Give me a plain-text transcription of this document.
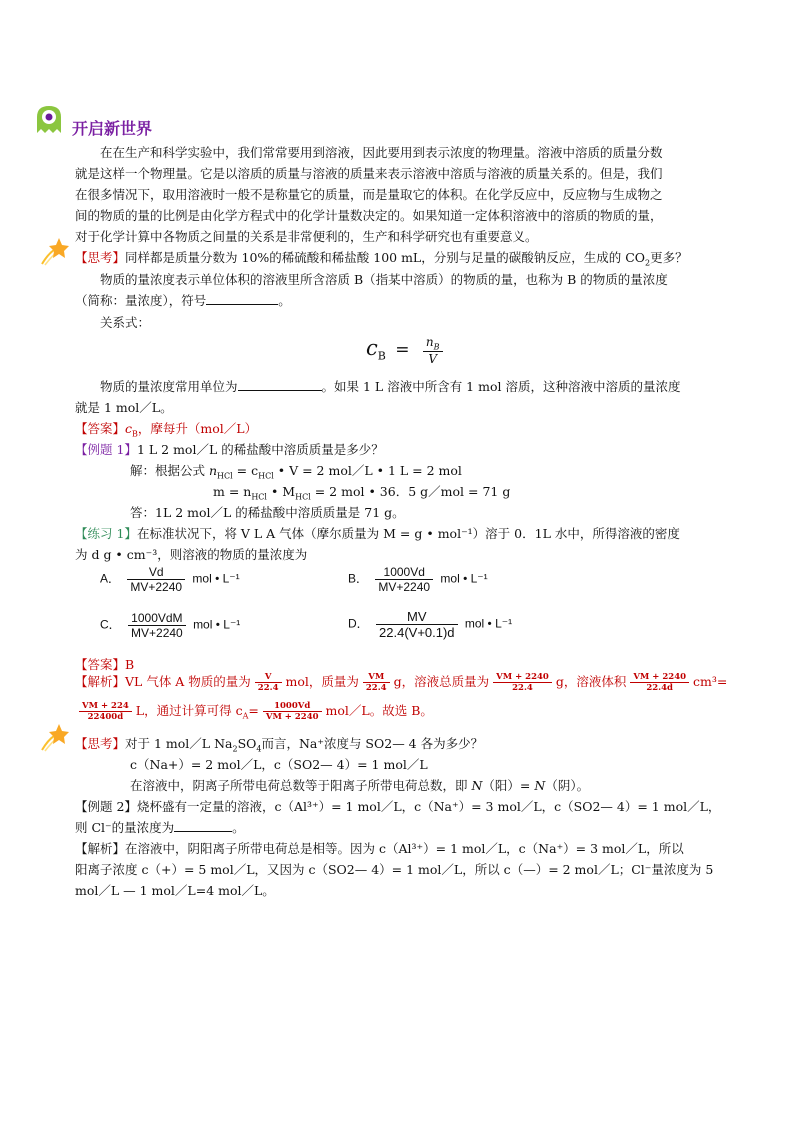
开启新世界
在在生产和科学实验中，我们常常要用到溶液，因此要用到表示浓度的物理量。溶液中溶质的质量分数
就是这样一个物理量。它是以溶质的质量与溶液的质量来表示溶液中溶质与溶液的质量关系的。但是，我们
在很多情况下，取用溶液时一般不是称量它的质量，而是量取它的体积。在化学反应中，反应物与生成物之
间的物质的量的比例是由化学方程式中的化学计量数决定的。如果知道一定体积溶液中的溶质的物质的量，
对于化学计算中各物质之间量的关系是非常便利的，生产和科学研究也有重要意义。
【思考】同样都是质量分数为 10%的稀硫酸和稀盐酸 100 mL，分别与足量的碳酸钠反应，生成的 $CO_2$更多？
物质的量浓度表示单位体积的溶液里所含溶质 B（指某中溶质）的物质的量，也称为 B 的物质的量浓度
（简称：量浓度），符号	。
关系式：
$c_B = \frac{n_B}{V}$
物质的量浓度常用单位为	。如果 1 L 溶液中所含有 1 mol 溶质，这种溶液中溶质的量浓度
就是 1 mol／L。
【答案】$c_B$，摩每升（mol／L）
【例题 1】1 L 2 mol／L 的稀盐酸中溶质质量是多少？
解：根据公式 $n_{HCl} = c_{HCl}$ • V = 2 mol／L • 1 L = 2 mol
$m = n_{HCl}$ • $M_{HCl} = 2$ mol • 36．5 g／mol = 71 g
答：1L 2 mol／L 的稀盐酸中溶质质量是 71 g。
【练习 1】在标准状况下，将 V L A 气体（摩尔质量为 M = g • mol⁻¹）溶于 0．1L 水中，所得溶液的密度
为 d g • cm⁻³，则溶液的物质的量浓度为
A． $\frac{Vd}{MV+2240}$ mol • L⁻¹	B． $\frac{1000Vd}{MV+2240}$ mol • L⁻¹
C． $\frac{\text{1000VdM}}{MV+2240}$ mol • L⁻¹	D． $\frac{MV}{22.4(V+0.1)d}$ mol • L⁻¹
【答案】B
【解析】VL 气体 A 物质的量为 $\frac{V}{22.4}$ mol，质量为 $\frac{VM}{22.4}$ g，溶液总质量为 $\frac{VM + 2240}{22.4}$ g，溶液体积 $\frac{VM + 2240}{22.4d} cm^3=$
$\frac{VM + 224}{22400d}$ L，通过计算可得 $c_A= \frac{1000Vd}{VM + 2240}$ mol／L。故选 B。
【思考】对于 1 mol／L $Na_2SO_4$而言，Na⁺浓度与 SO2— 4 各为多少？
c（Na+）= 2 mol／L，c（SO2— 4）= 1 mol／L
在溶液中，阴离子所带电荷总数等于阳离子所带电荷总数，即 N（阳）= N（阴）。
【例题 2】烧杯盛有一定量的溶液，c（Al³⁺）= 1 mol／L，c（Na⁺）= 3 mol／L，c（SO2— 4）= 1 mol／L，
则 Cl⁻的量浓度为	。
【解析】在溶液中，阴阳离子所带电荷总是相等。因为 c（Al³⁺）= 1 mol／L，c（Na⁺）= 3 mol／L，所以
阳离子浓度 c（+）= 5 mol／L，又因为 c（SO2— 4）= 1 mol／L，所以 c（—）= 2 mol／L；Cl⁻量浓度为 5
mol／L — 1 mol／L=4 mol／L。
